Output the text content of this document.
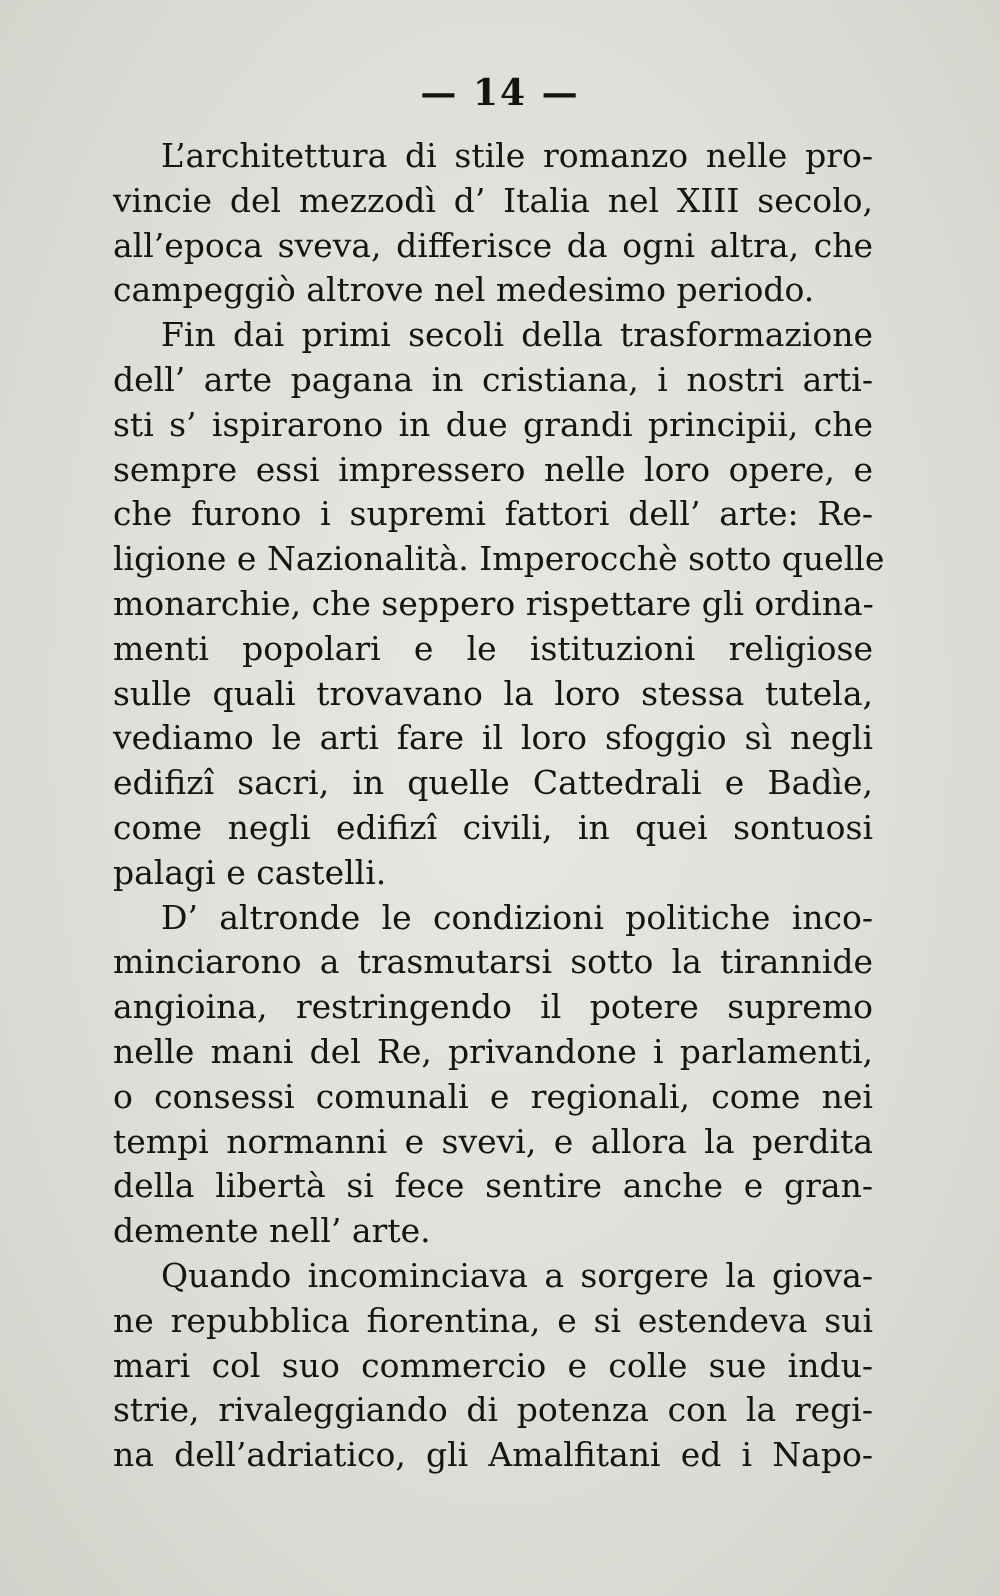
— 14 —
L’architettura di stile romanzo nelle pro-
vincie del mezzodì d’ Italia nel XIII secolo,
all’epoca sveva, differisce da ogni altra, che
campeggiò altrove nel medesimo periodo.
Fin dai primi secoli della trasformazione
dell’ arte pagana in cristiana, i nostri arti-
sti s’ ispirarono in due grandi principii, che
sempre essi impressero nelle loro opere, e
che furono i supremi fattori dell’ arte: Re-
ligione e Nazionalità. Imperocchè sotto quelle
monarchie, che seppero rispettare gli ordina-
menti popolari e le istituzioni religiose
sulle quali trovavano la loro stessa tutela,
vediamo le arti fare il loro sfoggio sì negli
edifizî sacri, in quelle Cattedrali e Badìe,
come negli edifizî civili, in quei sontuosi
palagi e castelli.
D’ altronde le condizioni politiche inco-
minciarono a trasmutarsi sotto la tirannide
angioina, restringendo il potere supremo
nelle mani del Re, privandone i parlamenti,
o consessi comunali e regionali, come nei
tempi normanni e svevi, e allora la perdita
della libertà si fece sentire anche e gran-
demente nell’ arte.
Quando incominciava a sorgere la giova-
ne repubblica fiorentina, e si estendeva sui
mari col suo commercio e colle sue indu-
strie, rivaleggiando di potenza con la regi-
na dell’adriatico, gli Amalfitani ed i Napo-
